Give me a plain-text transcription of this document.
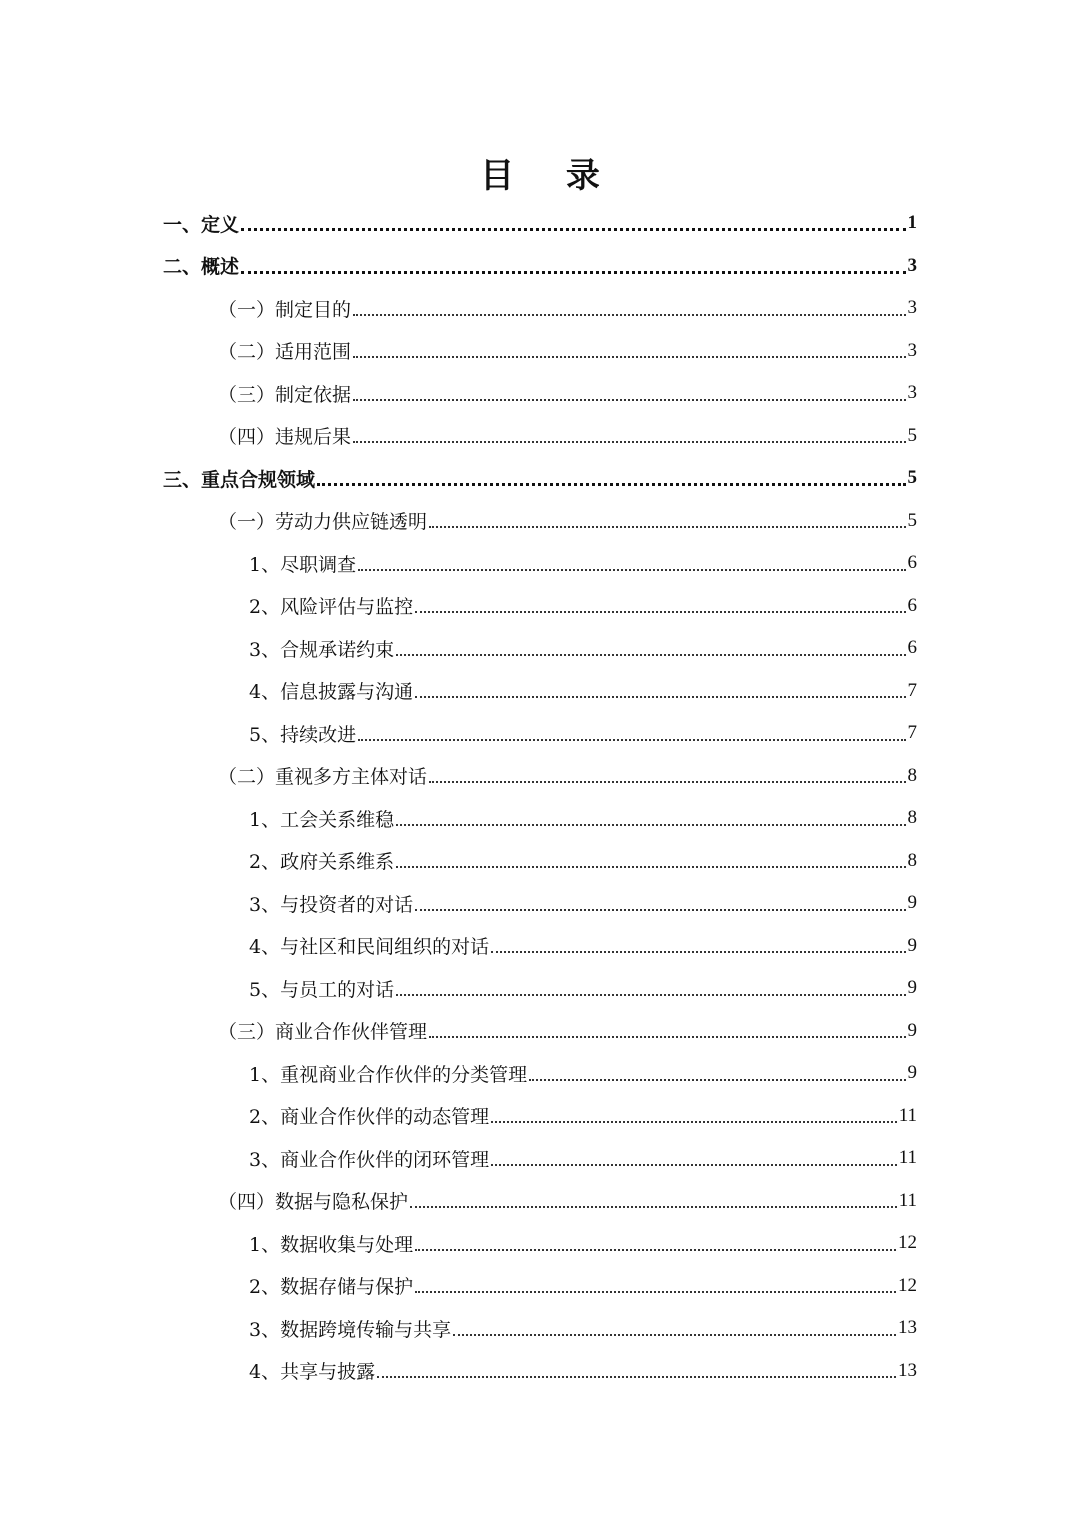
目 录
一、定义	1
二、概述	3
（一）制定目的	3
（二）适用范围	3
（三）制定依据	3
（四）违规后果	5
三、重点合规领域	5
（一）劳动力供应链透明	5
1、尽职调查	6
2、风险评估与监控	6
3、合规承诺约束	6
4、信息披露与沟通	7
5、持续改进	7
（二）重视多方主体对话	8
1、工会关系维稳	8
2、政府关系维系	8
3、与投资者的对话	9
4、与社区和民间组织的对话	9
5、与员工的对话	9
（三）商业合作伙伴管理	9
1、重视商业合作伙伴的分类管理	9
2、商业合作伙伴的动态管理	11
3、商业合作伙伴的闭环管理	11
（四）数据与隐私保护	11
1、数据收集与处理	12
2、数据存储与保护	12
3、数据跨境传输与共享	13
4、共享与披露	13
